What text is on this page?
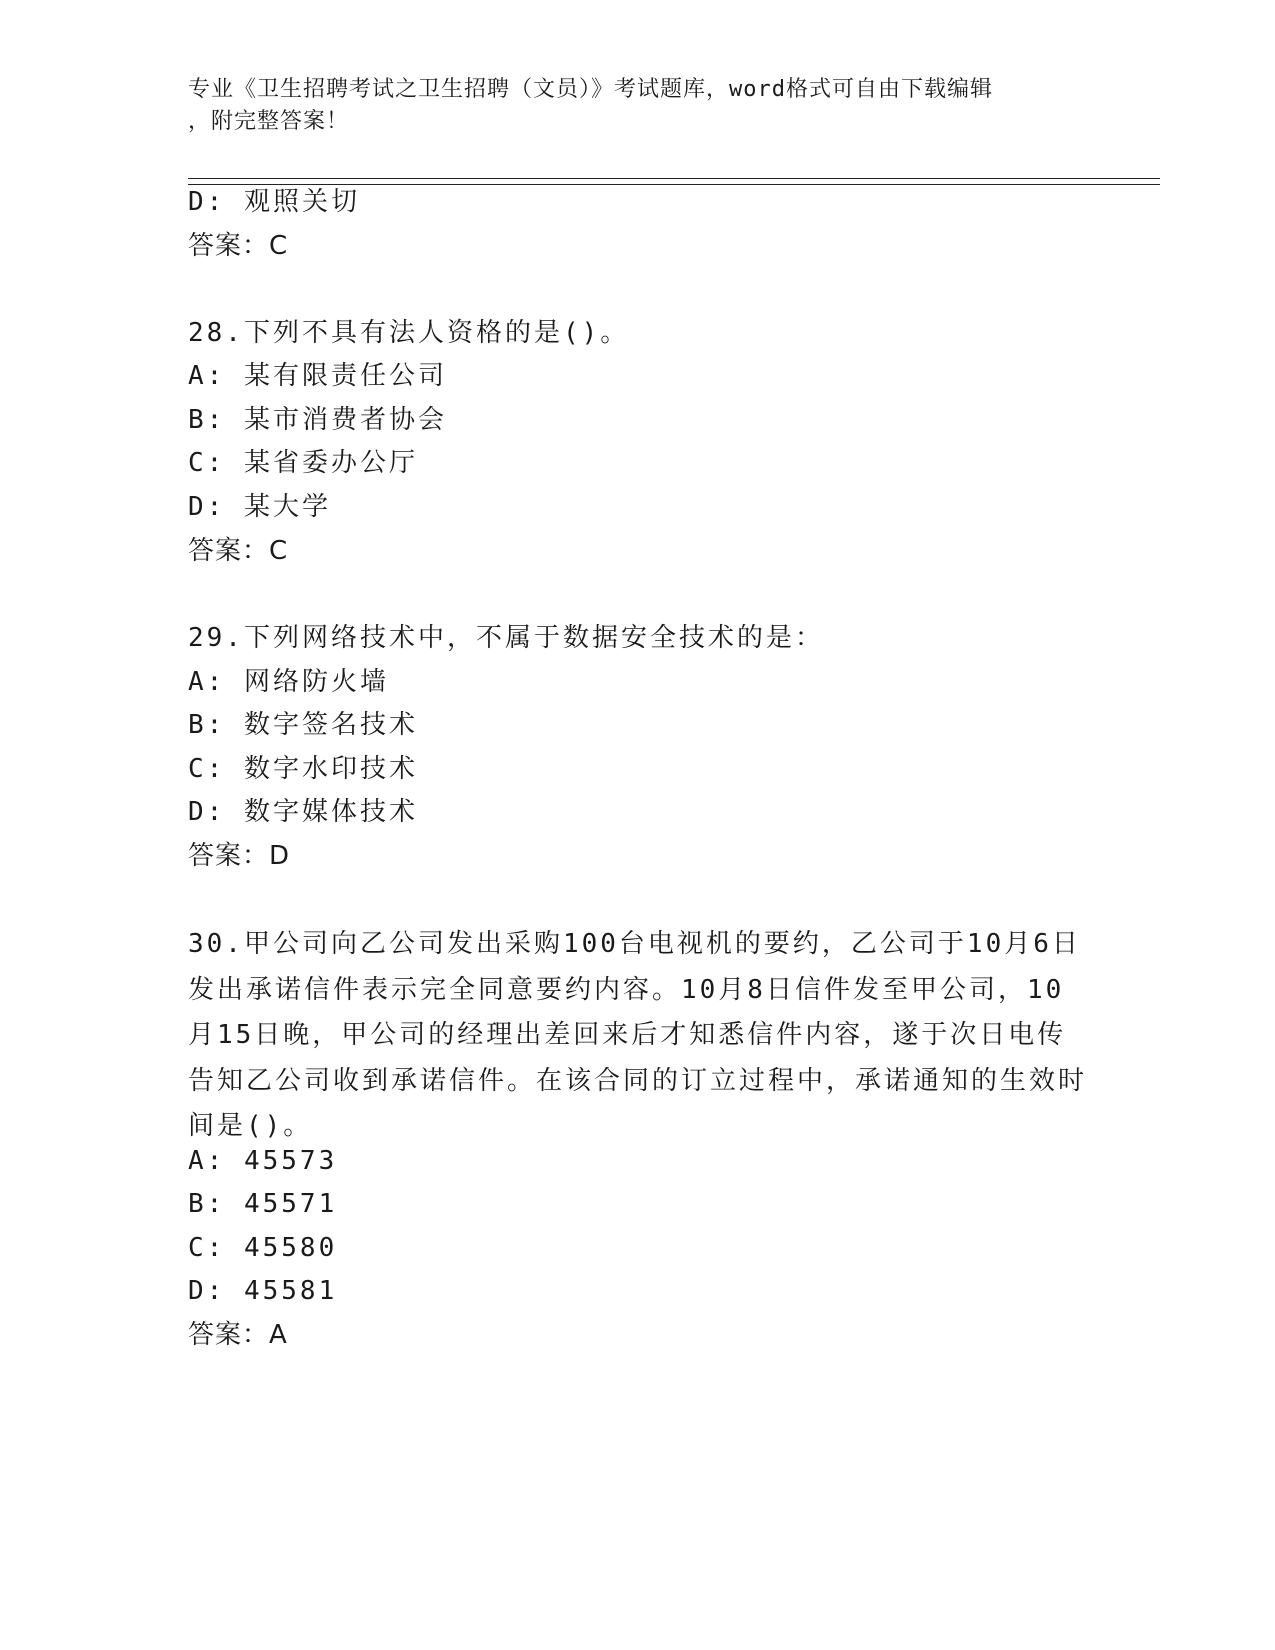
专业《卫生招聘考试之卫生招聘（文员）》考试题库，word格式可自由下载编辑
，附完整答案！
D: 观照关切
答案：C
28.下列不具有法人资格的是()。
A: 某有限责任公司
B: 某市消费者协会
C: 某省委办公厅
D: 某大学
答案：C
29.下列网络技术中，不属于数据安全技术的是：
A: 网络防火墙
B: 数字签名技术
C: 数字水印技术
D: 数字媒体技术
答案：D
30.甲公司向乙公司发出采购100台电视机的要约，乙公司于10月6日发出承诺信件表示完全同意要约内容。10月8日信件发至甲公司，10月15日晚，甲公司的经理出差回来后才知悉信件内容，遂于次日电传告知乙公司收到承诺信件。在该合同的订立过程中，承诺通知的生效时间是()。
A: 45573
B: 45571
C: 45580
D: 45581
答案：A
